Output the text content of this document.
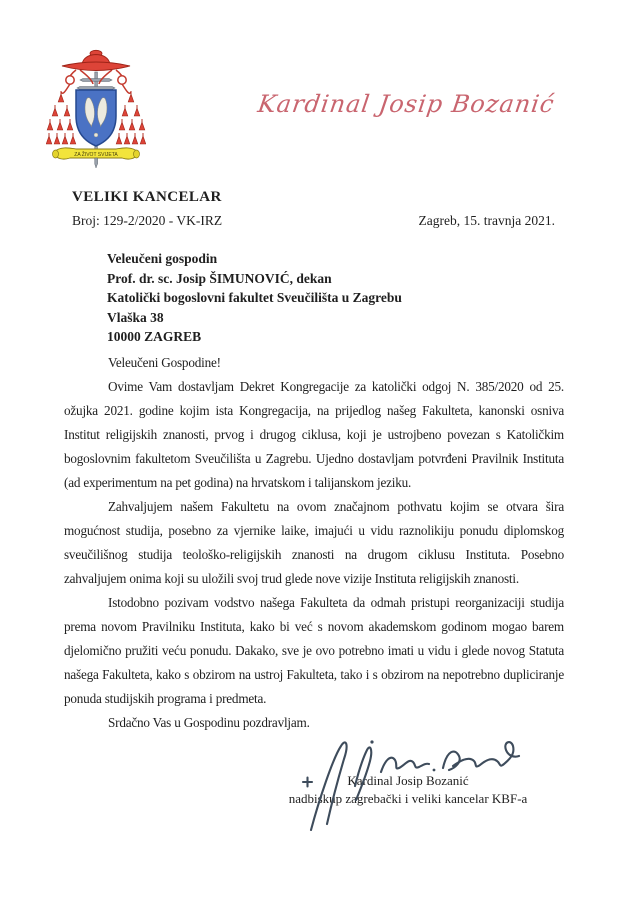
ZA ŽIVOT SVIJETA
Kardinal Josip Bozanić
VELIKI KANCELAR
Broj: 129-2/2020 - VK-IRZ	Zagreb, 15. travnja 2021.
Veleučeni gospodin
Prof. dr. sc. Josip ŠIMUNOVIĆ, dekan
Katolički bogoslovni fakultet Sveučilišta u Zagrebu
Vlaška 38
10000 ZAGREB

Veleučeni Gospodine!

Ovime Vam dostavljam Dekret Kongregacije za katolički odgoj N. 385/2020 od 25. ožujka 2021. godine kojim ista Kongregacija, na prijedlog našeg Fakulteta, kanonski osniva Institut religijskih znanosti, prvog i drugog ciklusa, koji je ustrojbeno povezan s Katoličkim bogoslovnim fakultetom Sveučilišta u Zagrebu. Ujedno dostavljam potvrđeni Pravilnik Instituta (ad experimentum na pet godina) na hrvatskom i talijanskom jeziku.

Zahvaljujem našem Fakultetu na ovom značajnom pothvatu kojim se otvara šira mogućnost studija, posebno za vjernike laike, imajući u vidu raznolikiju ponudu diplomskog sveučilišnog studija teološko-religijskih znanosti na drugom ciklusu Instituta. Posebno zahvaljujem onima koji su uložili svoj trud glede nove vizije Instituta religijskih znanosti.

Istodobno pozivam vodstvo našega Fakulteta da odmah pristupi reorganizaciji studija prema novom Pravilniku Instituta, kako bi već s novom akademskom godinom mogao barem djelomično pružiti veću ponudu. Dakako, sve je ovo potrebno imati u vidu i glede novog Statuta našega Fakulteta, kako s obzirom na ustroj Fakulteta, tako i s obzirom na nepotrebno dupliciranje ponuda studijskih programa i predmeta.

Srdačno Vas u Gospodinu pozdravljam.

Kardinal Josip Bozanić
nadbiskup zagrebački i veliki kancelar KBF-a
